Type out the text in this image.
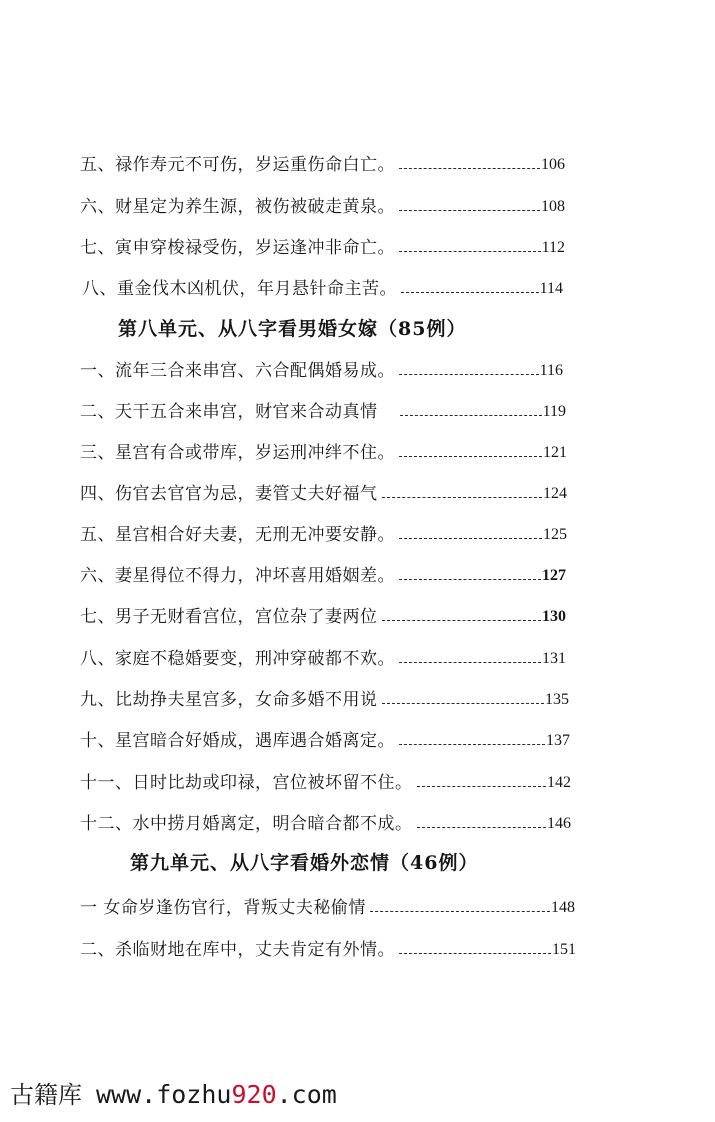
五、禄作寿元不可伤，岁运重伤命白亡。	106
六、财星定为养生源，被伤被破走黄泉。	108
七、寅申穿梭禄受伤，岁运逢冲非命亡。	112
八、重金伐木凶机伏，年月悬针命主苦。	114
第八单元、从八字看男婚女嫁（85例）
一、流年三合来串宫、六合配偶婚易成。	116
二、天干五合来串宫，财官来合动真情	119
三、星宫有合或带库，岁运刑冲绊不住。	121
四、伤官去官官为忌，妻管丈夫好福气	124
五、星宫相合好夫妻，无刑无冲要安静。	125
六、妻星得位不得力，冲坏喜用婚姻差。	127
七、男子无财看宫位，宫位杂了妻两位	130
八、家庭不稳婚要变，刑冲穿破都不欢。	131
九、比劫挣夫星宫多，女命多婚不用说	135
十、星宫暗合好婚成，遇库遇合婚离定。	137
十一、日时比劫或印禄，宫位被坏留不住。	142
十二、水中捞月婚离定，明合暗合都不成。	146
第九单元、从八字看婚外恋情（46例）
一 女命岁逢伤官行，背叛丈夫秘偷情	148
二、杀临财地在库中，丈夫肯定有外情。	151
古籍库 www.fozhu920.com
